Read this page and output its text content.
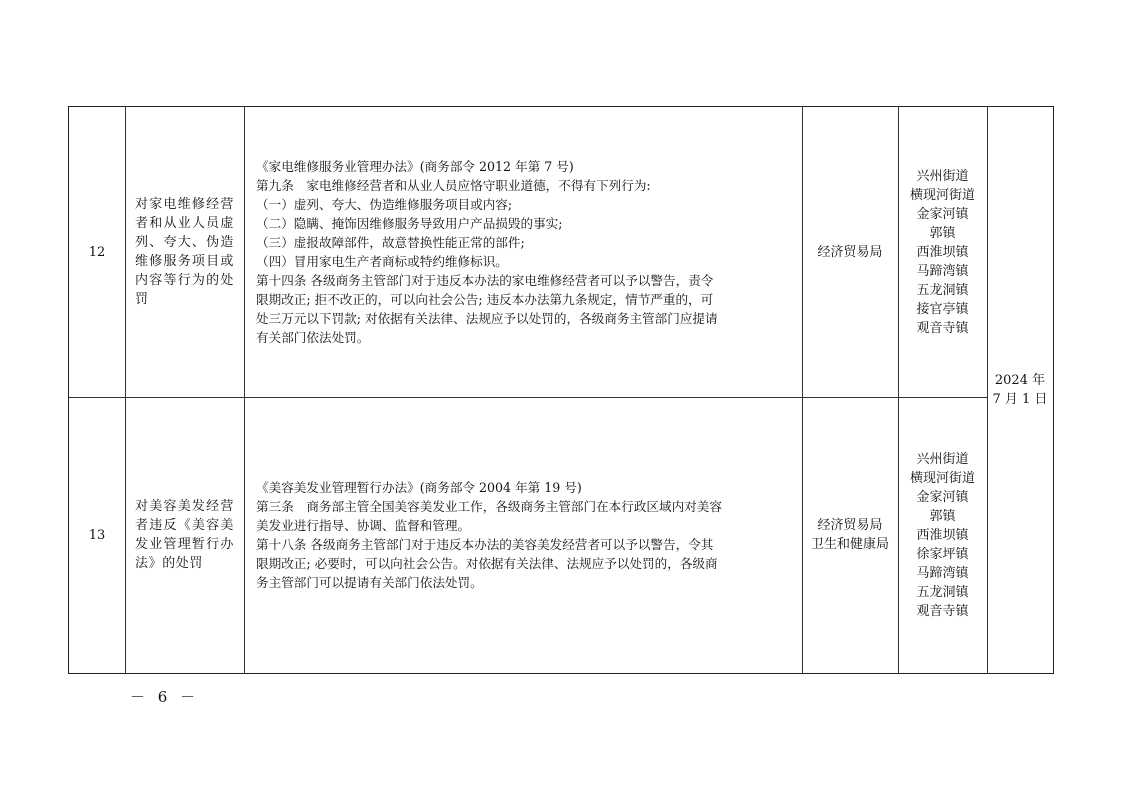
12
对家电维修经营者和从业人员虚列、夸大、伪造维修服务项目或内容等行为的处罚
《家电维修服务业管理办法》(商务部令 2012 年第 7 号)
第九条　家电维修经营者和从业人员应恪守职业道德，不得有下列行为:
（一）虚列、夸大、伪造维修服务项目或内容;
（二）隐瞒、掩饰因维修服务导致用户产品损毁的事实;
（三）虚报故障部件，故意替换性能正常的部件;
（四）冒用家电生产者商标或特约维修标识。
第十四条 各级商务主管部门对于违反本办法的家电维修经营者可以予以警告，责令
限期改正; 拒不改正的，可以向社会公告; 违反本办法第九条规定，情节严重的，可
处三万元以下罚款; 对依据有关法律、法规应予以处罚的，各级商务主管部门应提请
有关部门依法处罚。
经济贸易局
兴州街道
横现河街道
金家河镇
郭镇
西淮坝镇
马蹄湾镇
五龙洞镇
接官亭镇
观音寺镇
13
对美容美发经营者违反《美容美发业管理暂行办法》的处罚
《美容美发业管理暂行办法》(商务部令 2004 年第 19 号)
第三条　商务部主管全国美容美发业工作，各级商务主管部门在本行政区域内对美容
美发业进行指导、协调、监督和管理。
第十八条 各级商务主管部门对于违反本办法的美容美发经营者可以予以警告，令其
限期改正; 必要时，可以向社会公告。对依据有关法律、法规应予以处罚的，各级商
务主管部门可以提请有关部门依法处罚。
经济贸易局
卫生和健康局
兴州街道
横现河街道
金家河镇
郭镇
西淮坝镇
徐家坪镇
马蹄湾镇
五龙洞镇
观音寺镇
2024 年
7 月 1 日
－ 6 －
